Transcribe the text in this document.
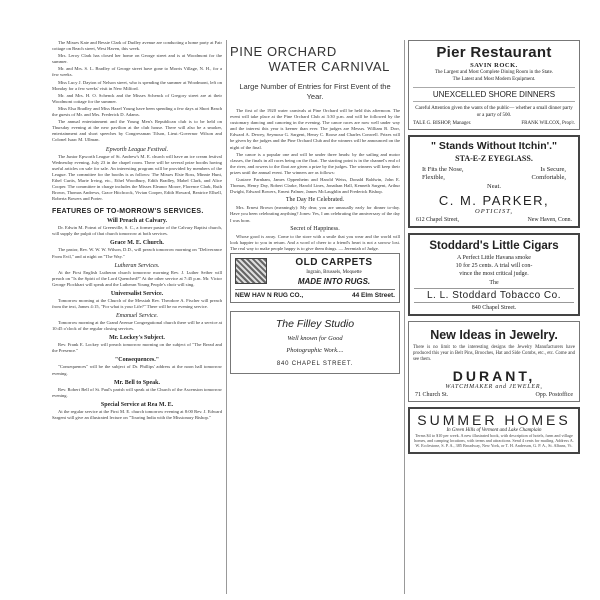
The Misses Kate and Bessie Clark of Dudley avenue are conducting a home party at Fair cottage on Beach street, West Haven, this week.

Mrs. Leroy Clark has closed her home on George street and is at Woodmont for the summer.

Mr. and Mrs. S. L. Bradley of George street have gone to Morris Village, N. H., for a few weeks.

Miss Lucy J. Dayton of Nelson street, who is spending the summer at Woodmont, left on Monday for a few weeks' visit in New Milford.

Mr. and Mrs. H. O. Schenck and the Misses Schenck of Gregory street are at their Woodmont cottage for the summer.

Miss Elsa Bradley and Miss Hazel Young have been spending a few days at Short Beach the guests of Mr. and Mrs. Frederick D. Adams.

The annual entertainment and the Young Men's Republican club is to be held on Thursday evening at the new pavilion at the club house. There will also be a smoker, entertainment and short speeches by Congressman Tilson, Lieut.-Governor Wilson and Colonel Isaac M. Ullman.

Epworth League Festival.

The Junior Epworth League of St. Andrew's M. E. church will have an ice cream festival Wednesday evening, July 23 in the chapel room. There will be several prize booths having useful articles on sale for sale. An interesting program will be provided by members of the League. The committee for the booths is as follows: The Misses Elsie Ross, Minnie Hunt, Ethel Curtis, Marie Irving, etc., Ethel Woodbury, Edith Bradley, Mabel Clark, and Alice Cooper. The committee in charge includes the Misses Eleanor Moore, Florence Clark, Ruth Brown, Thomas Andrews, Grace Hitchcock, Vivian Cooper, Edith Howard, Beatrice Ellsell, Roberta Bowers and Porter.

FEATURES OF TO-MORROW'S SERVICES.
Will Preach at Calvary.

Dr. Edwin M. Poteat of Greenville, S. C., a former pastor of the Calvary Baptist church, will supply the pulpit of that church tomorrow at both services.

Grace M. E. Church.

The pastor, Rev. W. W. W. Wilson, D.D., will preach tomorrow morning on "Deliverance From Evil," and at night on "The Way."

Lutheran Services.

At the First English Lutheran church tomorrow morning Rev. J. Luther Seiber will preach on "Is the Spirit of the Lord Quenched?" At the other service at 7:45 p.m. Mr. Victor George Flockhart will speak and the Lutheran Young People's choir will sing.

Universalist Service.

Tomorrow morning at the Church of the Messiah Rev. Theodore A. Fischer will preach from the text, James 4:15, "For what is your Life?" There will be no evening service.

Emanuel Service.

Tomorrow morning at the Grand Avenue Congregational church there will be a service at 10:45 o'clock of the regular closing services.

Mr. Lockey's Subject.

Rev. Frank E. Lockey will preach tomorrow morning on the subject of "The Bread and the Presence."

"Consequences."

"Consequences" will be the subject of Dr. Phillips' address at the noon hall tomorrow evening.

Mr. Bell to Speak.

Rev. Robert Bell of St. Paul's parish will speak at the Church of the Ascension tomorrow evening.

Special Service at Rea M. E.

At the regular service at the First M. E. church tomorrow evening at 8:00 Rev. J. Edward Sargent will give an illustrated lecture on "Touring India with the Missionary Bishop."

PINE ORCHARD
WATER CARNIVAL
Large Number of Entries for First Event of the Year.

The first of the 1920 water carnivals at Pine Orchard will be held this afternoon. The event will take place at the Pine Orchard Club at 3:30 p.m. and will be followed by the customary dancing and canoeing in the evening. The canoe races are now well under way and the interest this year is keener than ever. The judges are Messrs. William B. Dorr, Edward A. Dewey, Seymour G. Sargent, Henry C. Roose and Charles Conwell. Prizes will be given by the judges and the Pine Orchard Club and the winners will be announced on the night of the final.

The canoe is a popular one and will be under three heads: by the sailing and motor classes, the finals in all races being on the float. The starting point is in the channel's end of the river, and rowers to the float are given a prize by the judges. The winners will keep their prizes until the annual event. The winners are as follows:

Gustave Farnham, James Oppenheim and Harold Weiss, Donald Baldwin, John E. Thomas, Henry Day, Robert Clarke, Harold Lines, Jonathan Hall, Kenneth Sargent, Arthur Dwight, Edward Bowers, Ernest Palmer, James McLaughlin and Frederick Bishop.

The Day He Celebrated.

Mrs. Ernest Brown (meaningly): My dear, you are unusually early for dinner to-day. Have you been celebrating anything? Jones: Yes, I am celebrating the anniversary of the day I was born.

Secret of Happiness.

Whose good is away. Come to the store with a smile that you wear and the world will look happier to you in return. And a word of cheer to a friend's heart is not a sorrow lost. The real way to make people happy is to give them things. — Jeremiah of Judge.

OLD CARPETS
Ingrain, Brussels, Moquette
MADE INTO RUGS.
NEW HAV N RUG CO.,	44 Elm Street.
The Filley Studio
Well known for Good
Photographic Work....
840 CHAPEL STREET.
Pier Restaurant
SAVIN ROCK.
The Largest and Most Complete Dining Room in the State.
The Latest and Most Modern Equipment.
UNEXCELLED SHORE DINNERS
Careful Attention given the wants of the public— whether a small dinner party or a party of 500.
TALE G. BISHOP, Manager.	FRANK WILCOX, Prop'r.
" Stands Without Itchin'."
STA-E-Z EYEGLASS.
It Fits the Nose,	Is Secure,
Flexible,	Comfortable,
Neat.
C. M. PARKER,
OPTICIST,
612 Chapel Street,	New Haven, Conn.
Stoddard's Little Cigars
A Perfect Little Havana smoke
10 for 25 cents. A trial will con-
vince the most critical judge.
The
L. L. Stoddard Tobacco Co.
840 Chapel Street.
New Ideas in Jewelry.
There is no limit to the interesting designs the Jewelry Manufacturers have produced this year in Belt Pins, Brooches, Hat and Side Combs, etc., etc. Come and see them.
DURANT,
WATCHMAKER and JEWELER,
71 Church St.	Opp. Postoffice
SUMMER HOMES
In Green Hills of Vermont and Lake Champlain
Terms $4 to $10 per week. A new illustrated book, with description of hotels, farm and village homes, and camping locations, with terms and attractions. Send 4 cents for mailing. Address A. W. Ecclestone, S. P. A., 385 Broadway, New York, or T. H. Anderson, G. P. A., St. Albans, Vt.
